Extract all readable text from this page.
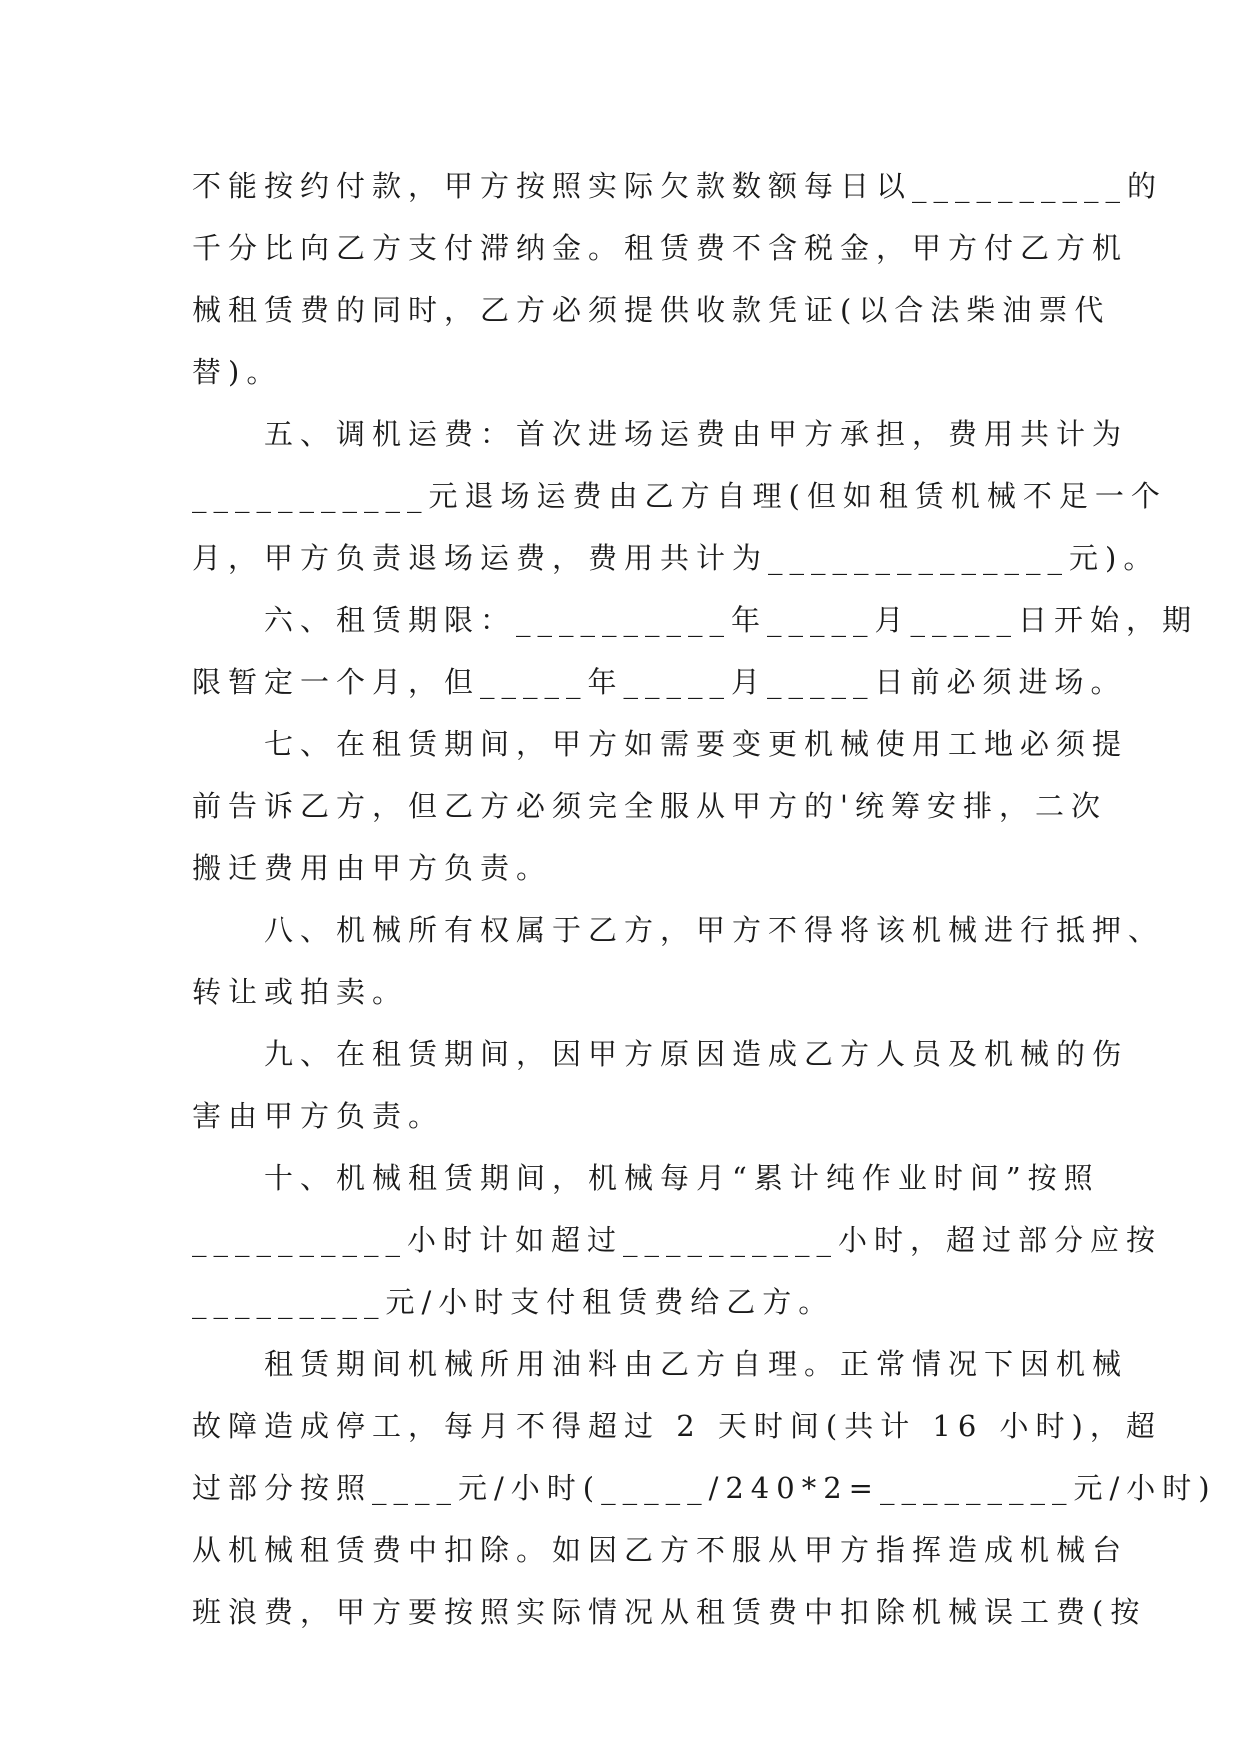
不能按约付款，甲方按照实际欠款数额每日以__________的
千分比向乙方支付滞纳金。租赁费不含税金，甲方付乙方机
械租赁费的同时，乙方必须提供收款凭证(以合法柴油票代
替)。
　　五、调机运费：首次进场运费由甲方承担，费用共计为
___________元退场运费由乙方自理(但如租赁机械不足一个
月，甲方负责退场运费，费用共计为______________元)。
　　六、租赁期限：__________年_____月_____日开始，期
限暂定一个月，但_____年_____月_____日前必须进场。
　　七、在租赁期间，甲方如需要变更机械使用工地必须提
前告诉乙方，但乙方必须完全服从甲方的'统筹安排，二次
搬迁费用由甲方负责。
　　八、机械所有权属于乙方，甲方不得将该机械进行抵押、
转让或拍卖。
　　九、在租赁期间，因甲方原因造成乙方人员及机械的伤
害由甲方负责。
　　十、机械租赁期间，机械每月“累计纯作业时间”按照
__________小时计如超过__________小时，超过部分应按
_________元/小时支付租赁费给乙方。
　　租赁期间机械所用油料由乙方自理。正常情况下因机械
故障造成停工，每月不得超过 2 天时间(共计 16 小时)，超
过部分按照____元/小时(_____/240*2=_________元/小时)
从机械租赁费中扣除。如因乙方不服从甲方指挥造成机械台
班浪费，甲方要按照实际情况从租赁费中扣除机械误工费(按
